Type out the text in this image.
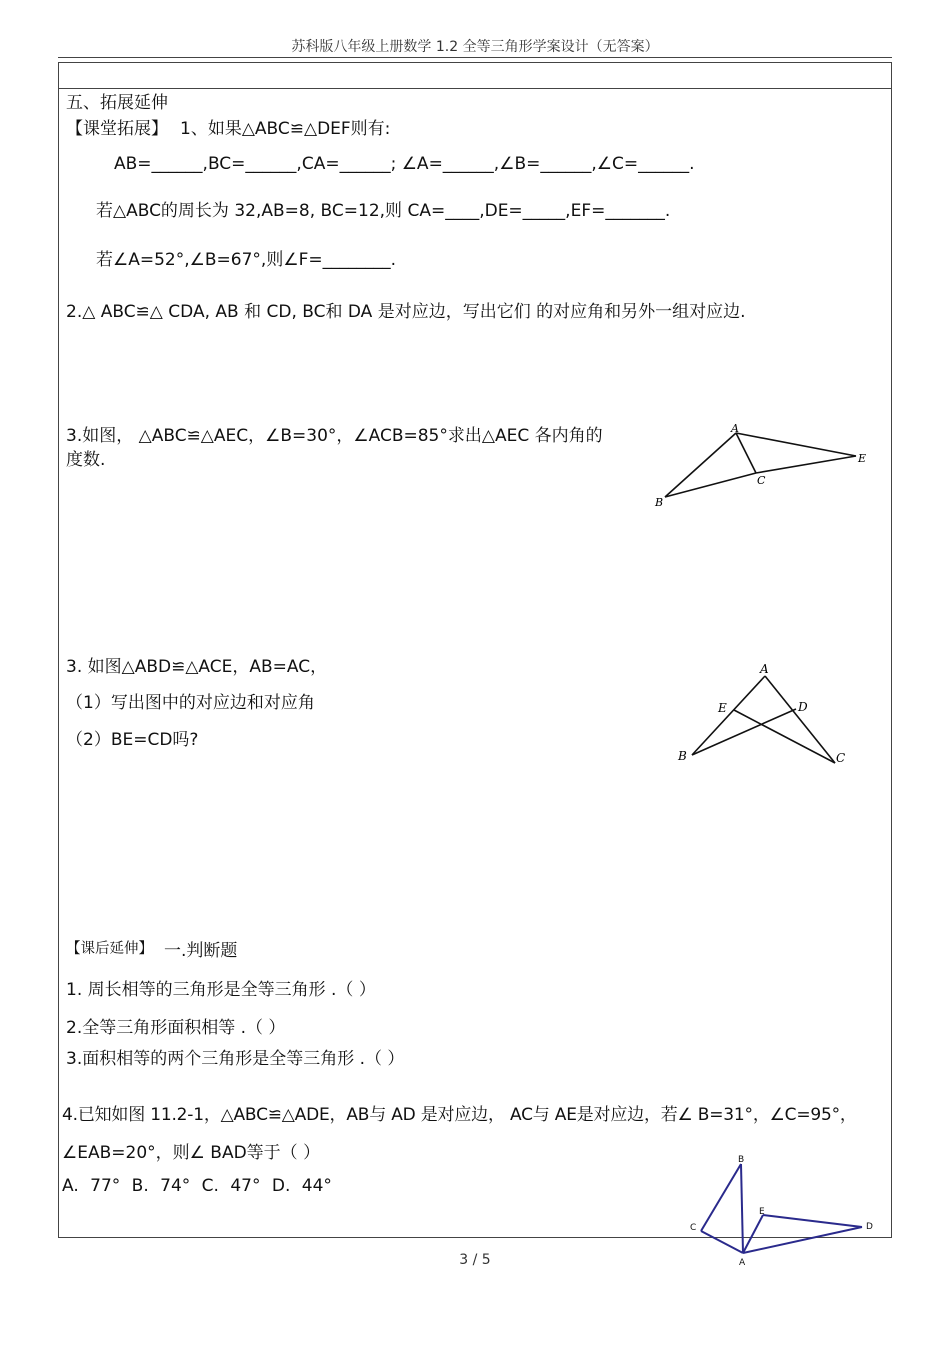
苏科版八年级上册数学 1.2 全等三角形学案设计（无答案）
五、拓展延伸
【课堂拓展】 1、如果△ABC≌△DEF则有:
AB=______,BC=______,CA=______; ∠A=______,∠B=______,∠C=______.
若△ABC的周长为 32,AB=8, BC=12,则 CA=____,DE=_____,EF=_______.
若∠A=52°,∠B=67°,则∠F=________.
2.△ ABC≌△ CDA, AB 和 CD, BC和 DA 是对应边，写出它们 的对应角和另外一组对应边.
3.如图， △ABC≌△AEC，∠B=30°，∠ACB=85°求出△AEC 各内角的
度数.
A
B
C
E
3. 如图△ABD≌△ACE，AB=AC，
（1）写出图中的对应边和对应角
（2）BE=CD吗?
A
E	D
B	C
【课后延伸】 一.判断题
1. 周长相等的三角形是全等三角形 .（ ）
2.全等三角形面积相等 .（ ）
3.面积相等的两个三角形是全等三角形 .（ ）
4.已知如图 11.2-1，△ABC≌△ADE，AB与 AD 是对应边， AC与 AE是对应边，若∠ B=31°，∠C=95°，
∠EAB=20°，则∠ BAD等于（ ）
A. 77° B. 74° C. 47° D. 44°
B
C
E
D
A
3 / 5
